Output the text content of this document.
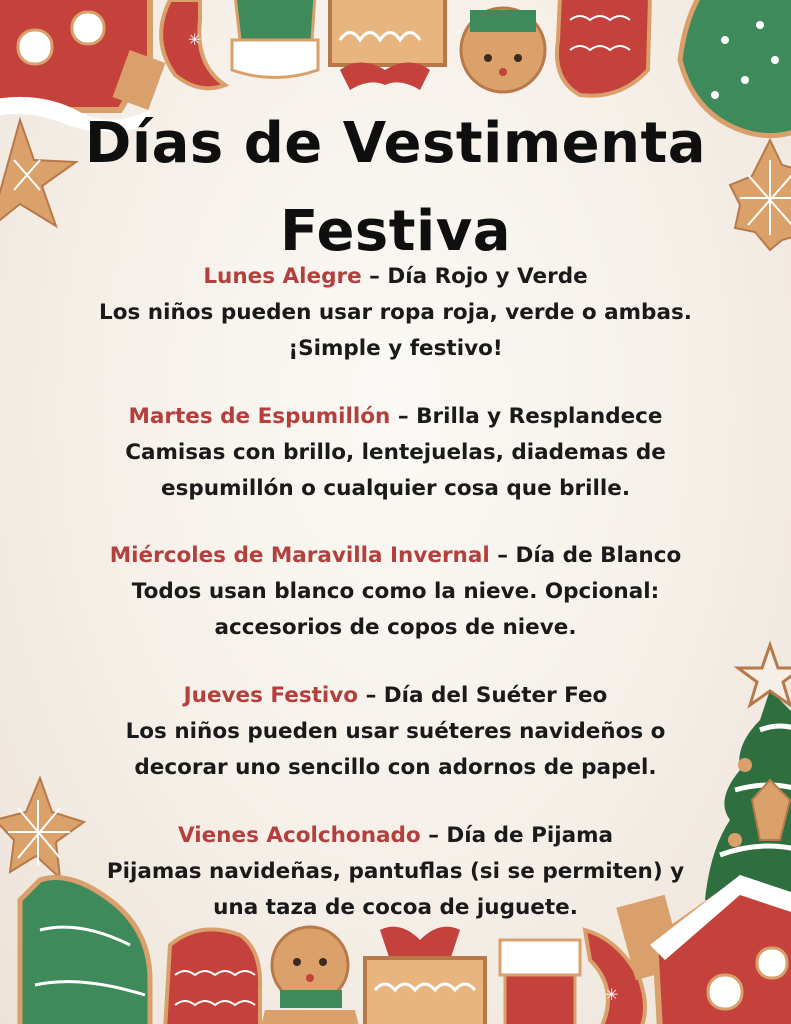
✳
✳
Días de Vestimenta
Festiva
Lunes Alegre – Día Rojo y Verde
Los niños pueden usar ropa roja, verde o ambas.
¡Simple y festivo!
Martes de Espumillón – Brilla y Resplandece
Camisas con brillo, lentejuelas, diademas de
espumillón o cualquier cosa que brille.
Miércoles de Maravilla Invernal – Día de Blanco
Todos usan blanco como la nieve. Opcional:
accesorios de copos de nieve.
Jueves Festivo – Día del Suéter Feo
Los niños pueden usar suéteres navideños o
decorar uno sencillo con adornos de papel.
Vienes Acolchonado – Día de Pijama
Pijamas navideñas, pantuflas (si se permiten) y
una taza de cocoa de juguete.
